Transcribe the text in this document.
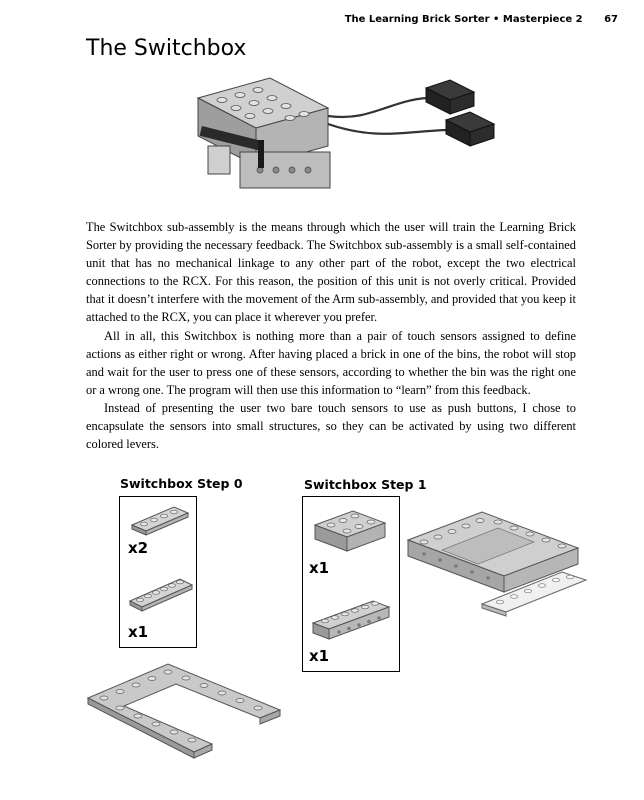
The Learning Brick Sorter • Masterpiece 2 67
The Switchbox

The Switchbox sub-assembly is the means through which the user will train the Learning Brick Sorter by providing the necessary feedback. The Switchbox sub-assembly is a small self-contained unit that has no mechanical linkage to any other part of the robot, except the two electrical connections to the RCX. For this reason, the position of this unit is not overly critical. Provided that it doesn’t interfere with the movement of the Arm sub-assembly, and provided that you keep it attached to the RCX, you can place it wherever you prefer.

All in all, this Switchbox is nothing more than a pair of touch sensors assigned to define actions as either right or wrong. After having placed a brick in one of the bins, the robot will stop and wait for the user to press one of these sensors, according to whether the bin was the right one or a wrong one. The program will then use this information to “learn” from this feedback.

Instead of presenting the user two bare touch sensors to use as push buttons, I chose to encapsulate the sensors into small structures, so they can be activated by using two different colored levers.

Switchbox Step 0
x2
x1
Switchbox Step 1
x1
x1
